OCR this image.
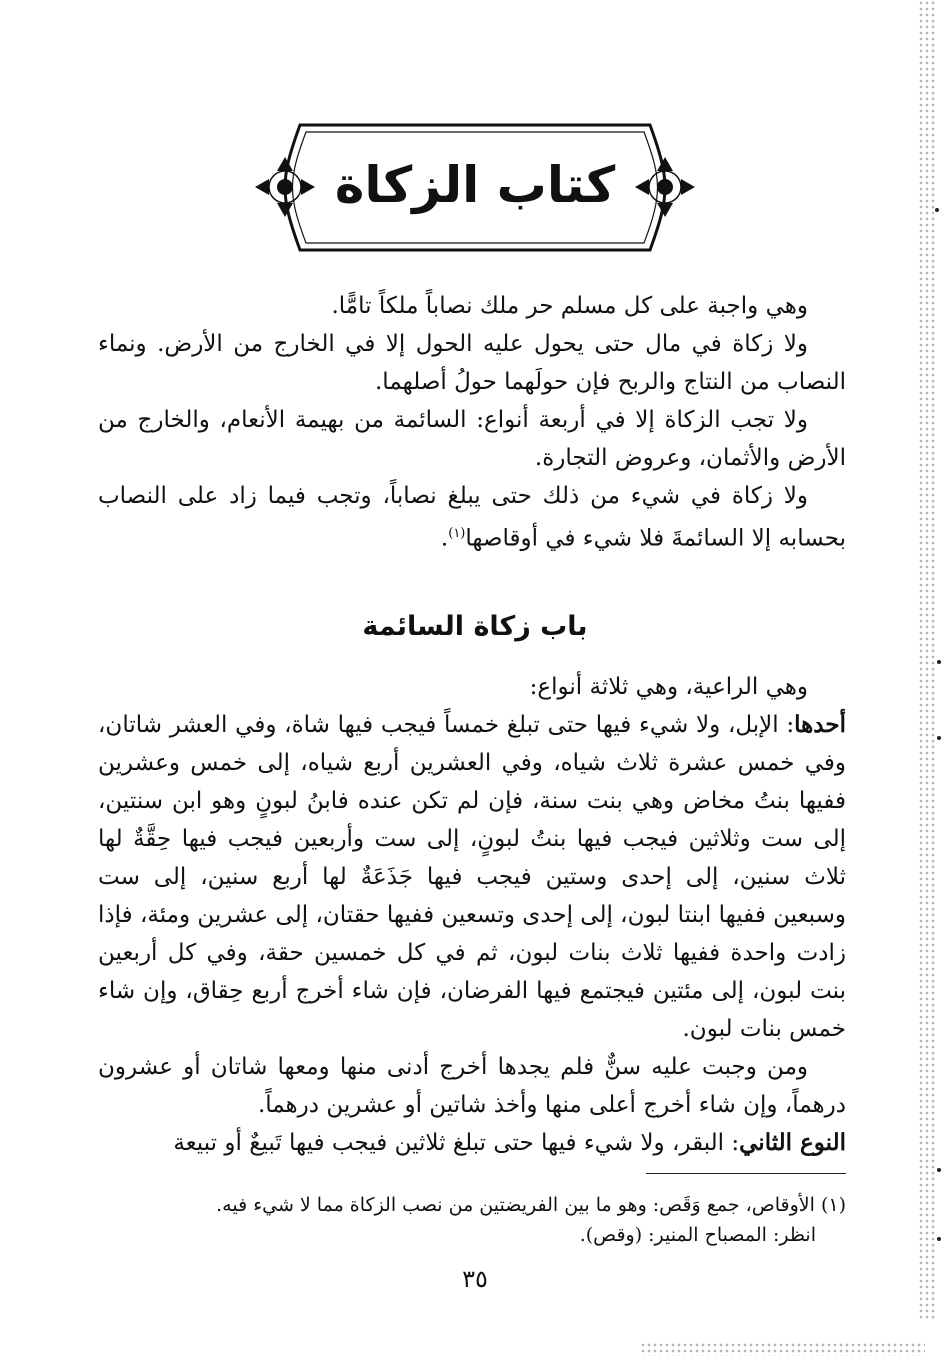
كتاب الزكاة

وهي واجبة على كل مسلم حر ملك نصاباً ملكاً تامًّا.

ولا زكاة في مال حتى يحول عليه الحول إلا في الخارج من الأرض. ونماء النصاب من النتاج والربح فإن حولَهما حولُ أصلهما.

ولا تجب الزكاة إلا في أربعة أنواع: السائمة من بهيمة الأنعام، والخارج من الأرض والأثمان، وعروض التجارة.

ولا زكاة في شيء من ذلك حتى يبلغ نصاباً، وتجب فيما زاد على النصاب بحسابه إلا السائمةَ فلا شيء في أوقاصها$^{(١)}$.

باب زكاة السائمة

وهي الراعية، وهي ثلاثة أنواع:

أحدها: الإبل، ولا شيء فيها حتى تبلغ خمساً فيجب فيها شاة، وفي العشر شاتان، وفي خمس عشرة ثلاث شياه، وفي العشرين أربع شياه، إلى خمس وعشرين ففيها بنتُ مخاض وهي بنت سنة، فإن لم تكن عنده فابنُ لبونٍ وهو ابن سنتين، إلى ست وثلاثين فيجب فيها بنتُ لبونٍ، إلى ست وأربعين فيجب فيها حِقَّةٌ لها ثلاث سنين، إلى إحدى وستين فيجب فيها جَذَعَةٌ لها أربع سنين، إلى ست وسبعين ففيها ابنتا لبون، إلى إحدى وتسعين ففيها حقتان، إلى عشرين ومئة، فإذا زادت واحدة ففيها ثلاث بنات لبون، ثم في كل خمسين حقة، وفي كل أربعين بنت لبون، إلى مئتين فيجتمع فيها الفرضان، فإن شاء أخرج أربع حِقاق، وإن شاء خمس بنات لبون.

ومن وجبت عليه سنٌّ فلم يجدها أخرج أدنى منها ومعها شاتان أو عشرون درهماً، وإن شاء أخرج أعلى منها وأخذ شاتين أو عشرين درهماً.

النوع الثاني: البقر، ولا شيء فيها حتى تبلغ ثلاثين فيجب فيها تَبيعٌ أو تبيعة

(١) الأوقاص، جمع وَقَص: وهو ما بين الفريضتين من نصب الزكاة مما لا شيء فيه.
انظر: المصباح المنير: (وقص).
٣٥
